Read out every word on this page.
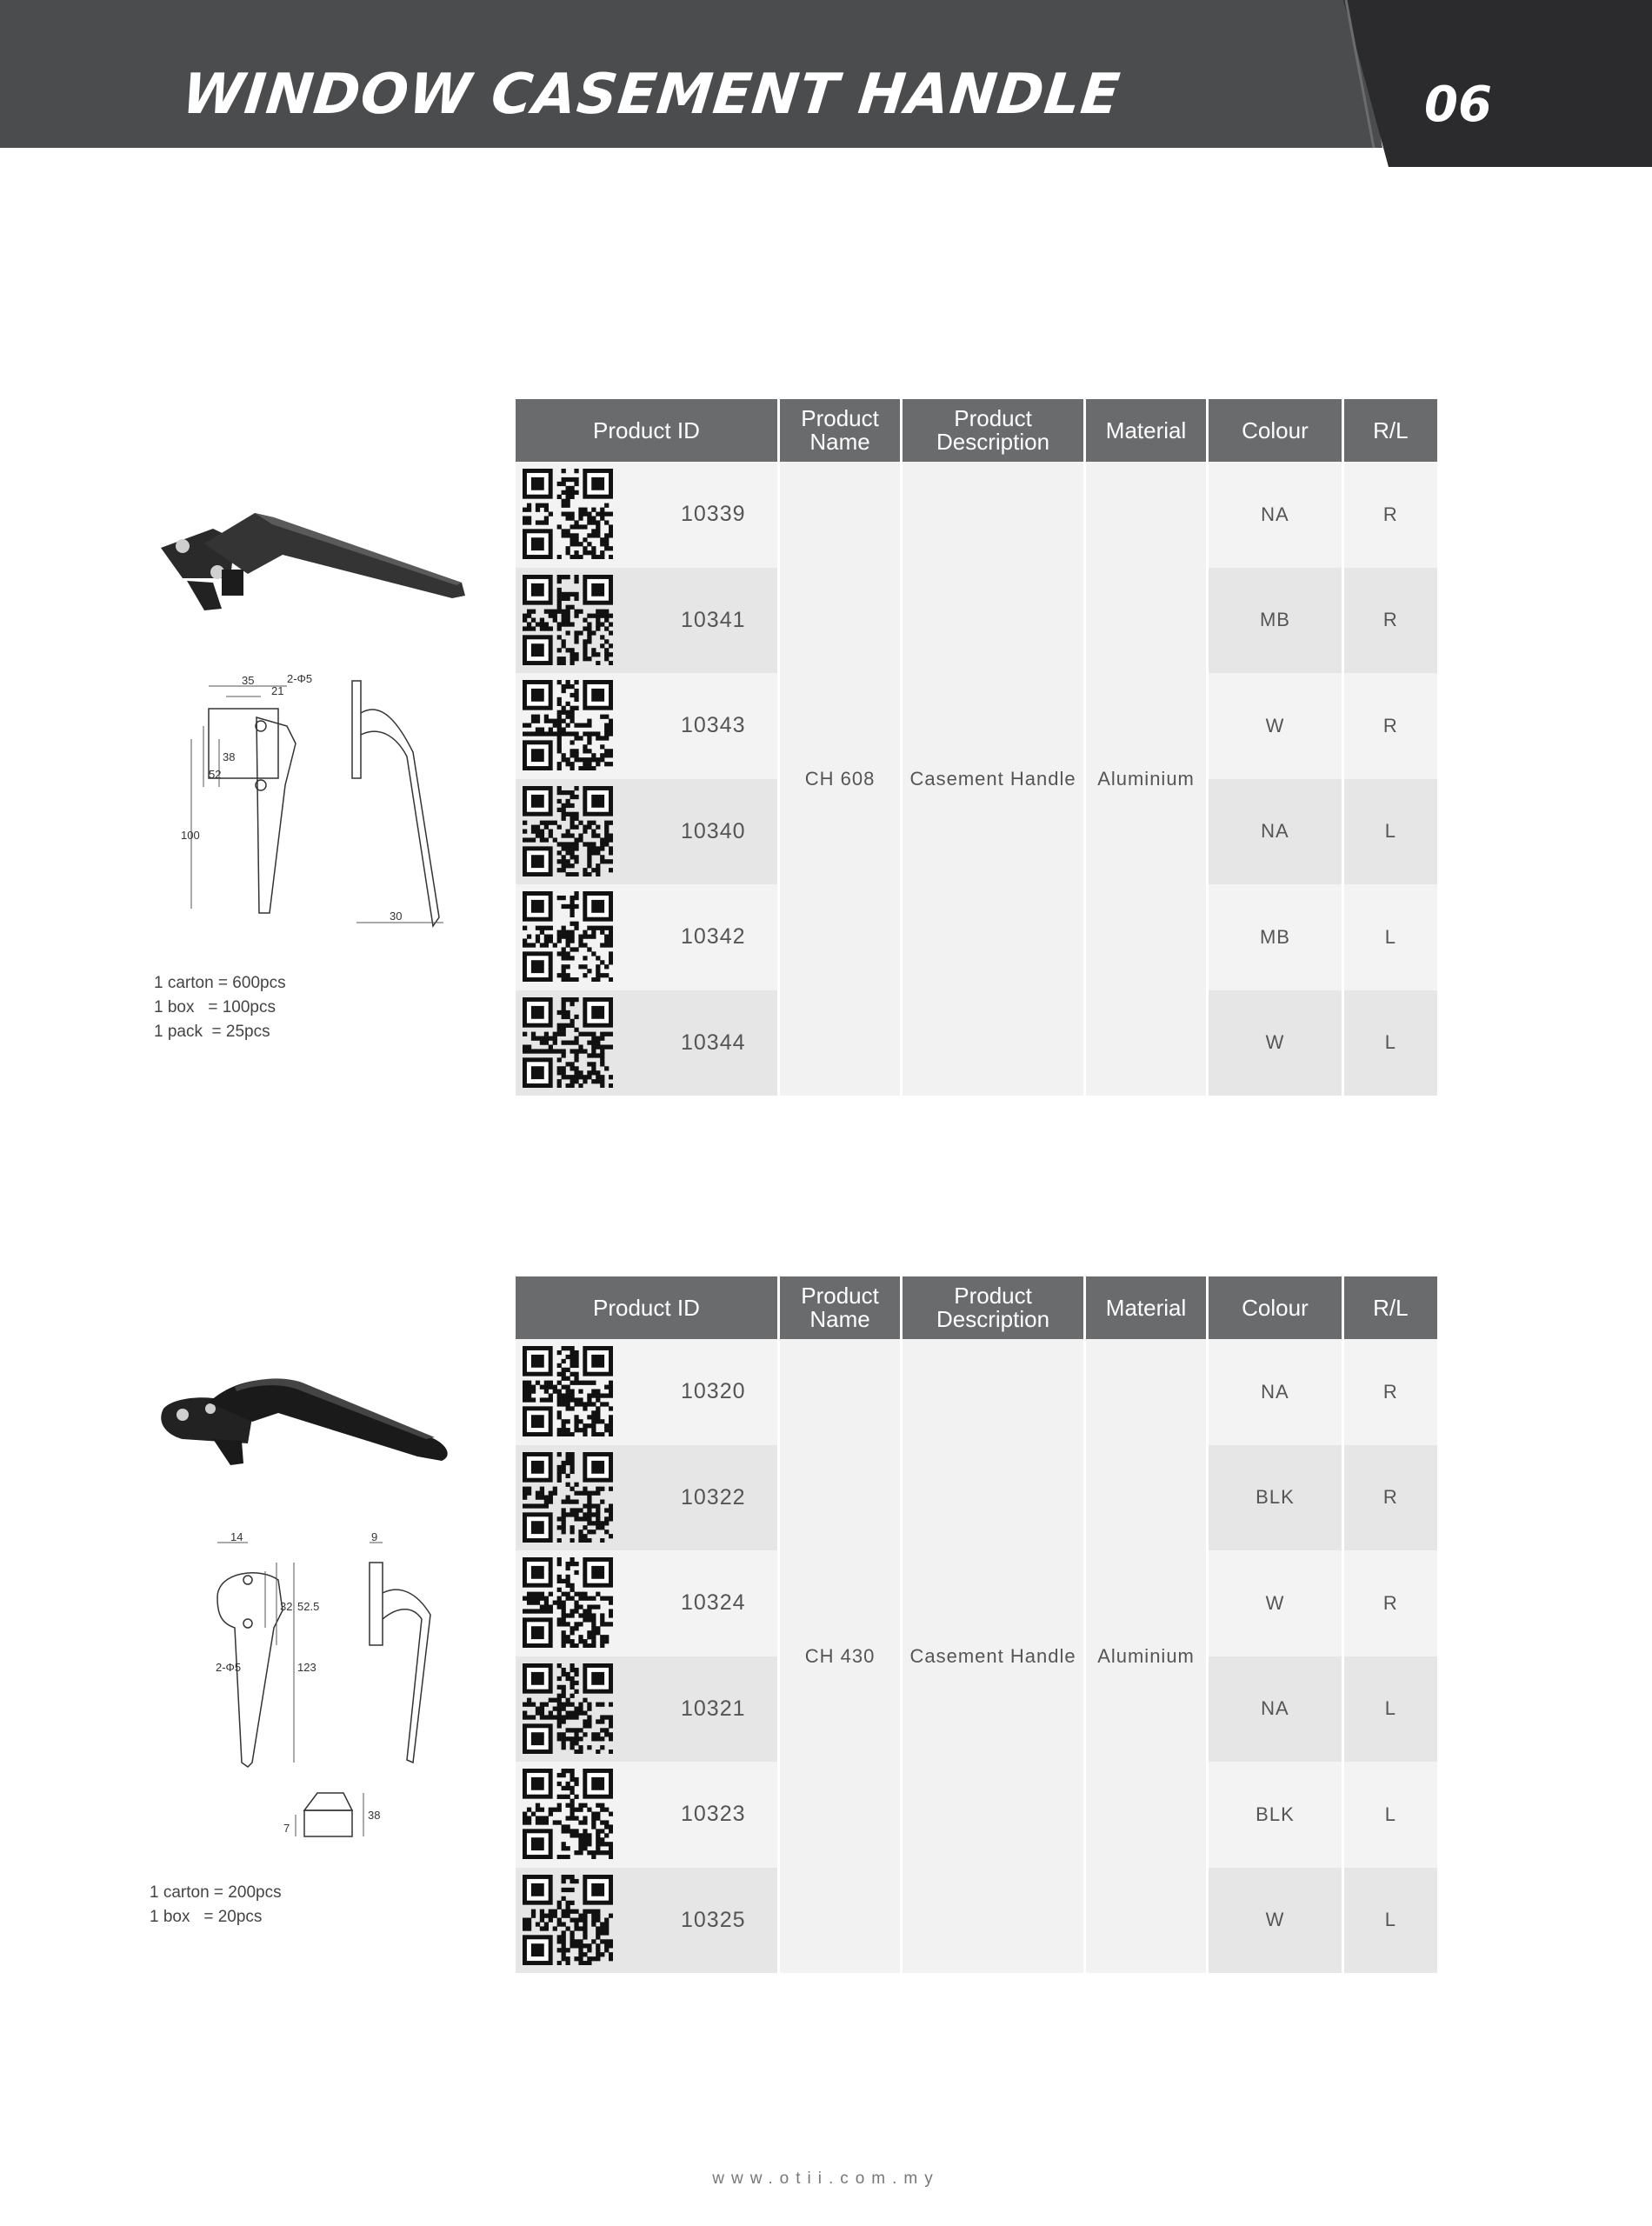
WINDOW CASEMENT HANDLE	06
35
21
2-Φ5
52
38
100
30
1 carton = 600pcs
1 box   = 100pcs
1 pack  = 25pcs
Product ID	Product Name	Product Description	Material	Colour	R/L

10339	CH 608	Casement Handle	Aluminium	NA	R

10341				MB	R

10343				W	R

10340				NA	L

10342				MB	L

10344				W	L
14	9
32 52.5
2-Φ5	123
38
7
1 carton = 200pcs
1 box   = 20pcs
Product ID	Product Name	Product Description	Material	Colour	R/L

10320	CH 430	Casement Handle	Aluminium	NA	R

10322				BLK	R

10324				W	R

10321				NA	L

10323				BLK	L

10325				W	L
www.otii.com.my
